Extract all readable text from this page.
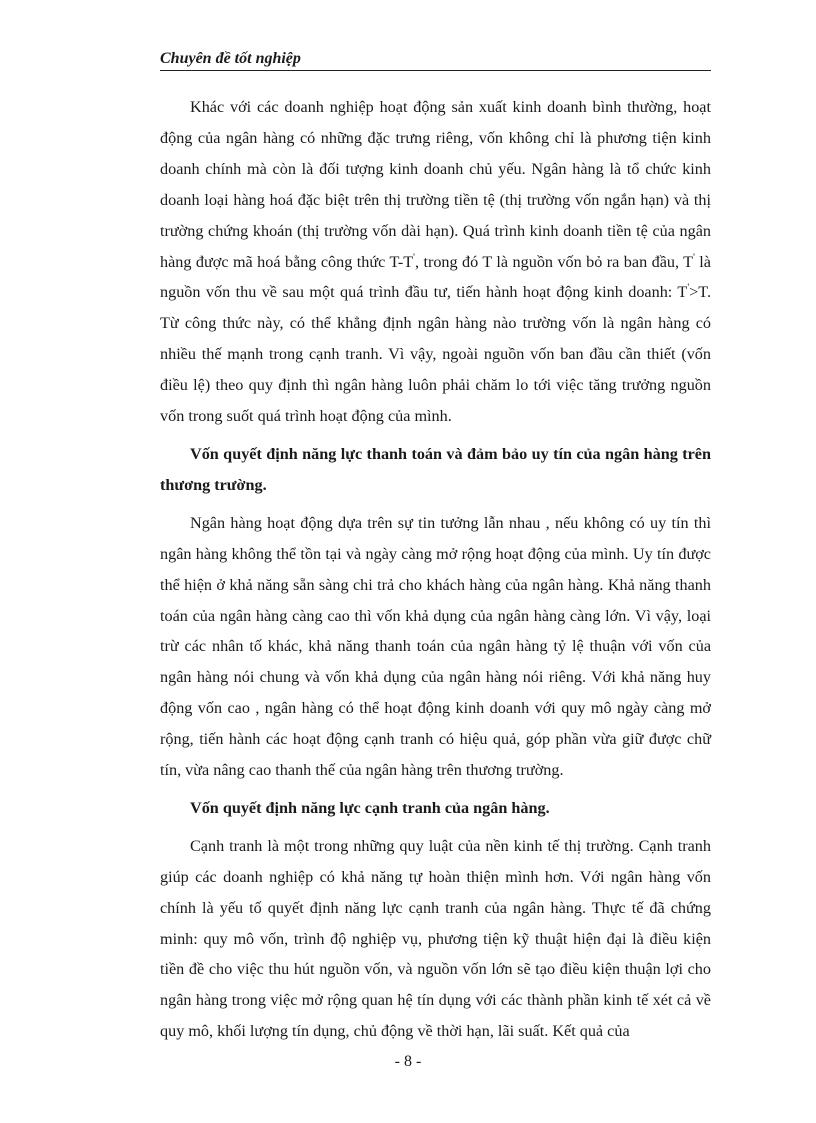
Chuyên đề tốt nghiệp

Khác với các doanh nghiệp hoạt động sản xuất kinh doanh bình thường, hoạt động của ngân hàng có những đặc trưng riêng, vốn không chỉ là phương tiện kinh doanh chính mà còn là đối tượng kinh doanh chủ yếu. Ngân hàng là tổ chức kinh doanh loại hàng hoá đặc biệt trên thị trường tiền tệ (thị trường vốn ngắn hạn) và thị trường chứng khoán (thị trường vốn dài hạn). Quá trình kinh doanh tiền tệ của ngân hàng được mã hoá bằng công thức T-T', trong đó T là nguồn vốn bỏ ra ban đầu, T' là nguồn vốn thu về sau một quá trình đầu tư, tiến hành hoạt động kinh doanh: T'>T. Từ công thức này, có thể khẳng định ngân hàng nào trường vốn là ngân hàng có nhiều thế mạnh trong cạnh tranh. Vì vậy, ngoài nguồn vốn ban đầu cần thiết (vốn điều lệ) theo quy định thì ngân hàng luôn phải chăm lo tới việc tăng trưởng nguồn vốn trong suốt quá trình hoạt động của mình.

Vốn quyết định năng lực thanh toán và đảm bảo uy tín của ngân hàng trên thương trường.

Ngân hàng hoạt động dựa trên sự tin tưởng lẫn nhau , nếu không có uy tín thì ngân hàng không thể tồn tại và ngày càng mở rộng hoạt động của mình. Uy tín được thể hiện ở khả năng sẵn sàng chi trả cho khách hàng của ngân hàng. Khả năng thanh toán của ngân hàng càng cao thì vốn khả dụng của ngân hàng càng lớn. Vì vậy, loại trừ các nhân tố khác, khả năng thanh toán của ngân hàng tỷ lệ thuận với vốn của ngân hàng nói chung và vốn khả dụng của ngân hàng nói riêng. Với khả năng huy động vốn cao , ngân hàng có thể hoạt động kinh doanh với quy mô ngày càng mở rộng, tiến hành các hoạt động cạnh tranh có hiệu quả, góp phần vừa giữ được chữ tín, vừa nâng cao thanh thế của ngân hàng trên thương trường.

Vốn quyết định năng lực cạnh tranh của ngân hàng.

Cạnh tranh là một trong những quy luật của nền kinh tế thị trường. Cạnh tranh giúp các doanh nghiệp có khả năng tự hoàn thiện mình hơn. Với ngân hàng vốn chính là yếu tố quyết định năng lực cạnh tranh của ngân hàng. Thực tế đã chứng minh: quy mô vốn, trình độ nghiệp vụ, phương tiện kỹ thuật hiện đại là điều kiện tiền đề cho việc thu hút nguồn vốn, và nguồn vốn lớn sẽ tạo điều kiện thuận lợi cho ngân hàng trong việc mở rộng quan hệ tín dụng với các thành phần kinh tế xét cả về quy mô, khối lượng tín dụng, chủ động về thời hạn, lãi suất. Kết quả của

- 8 -
